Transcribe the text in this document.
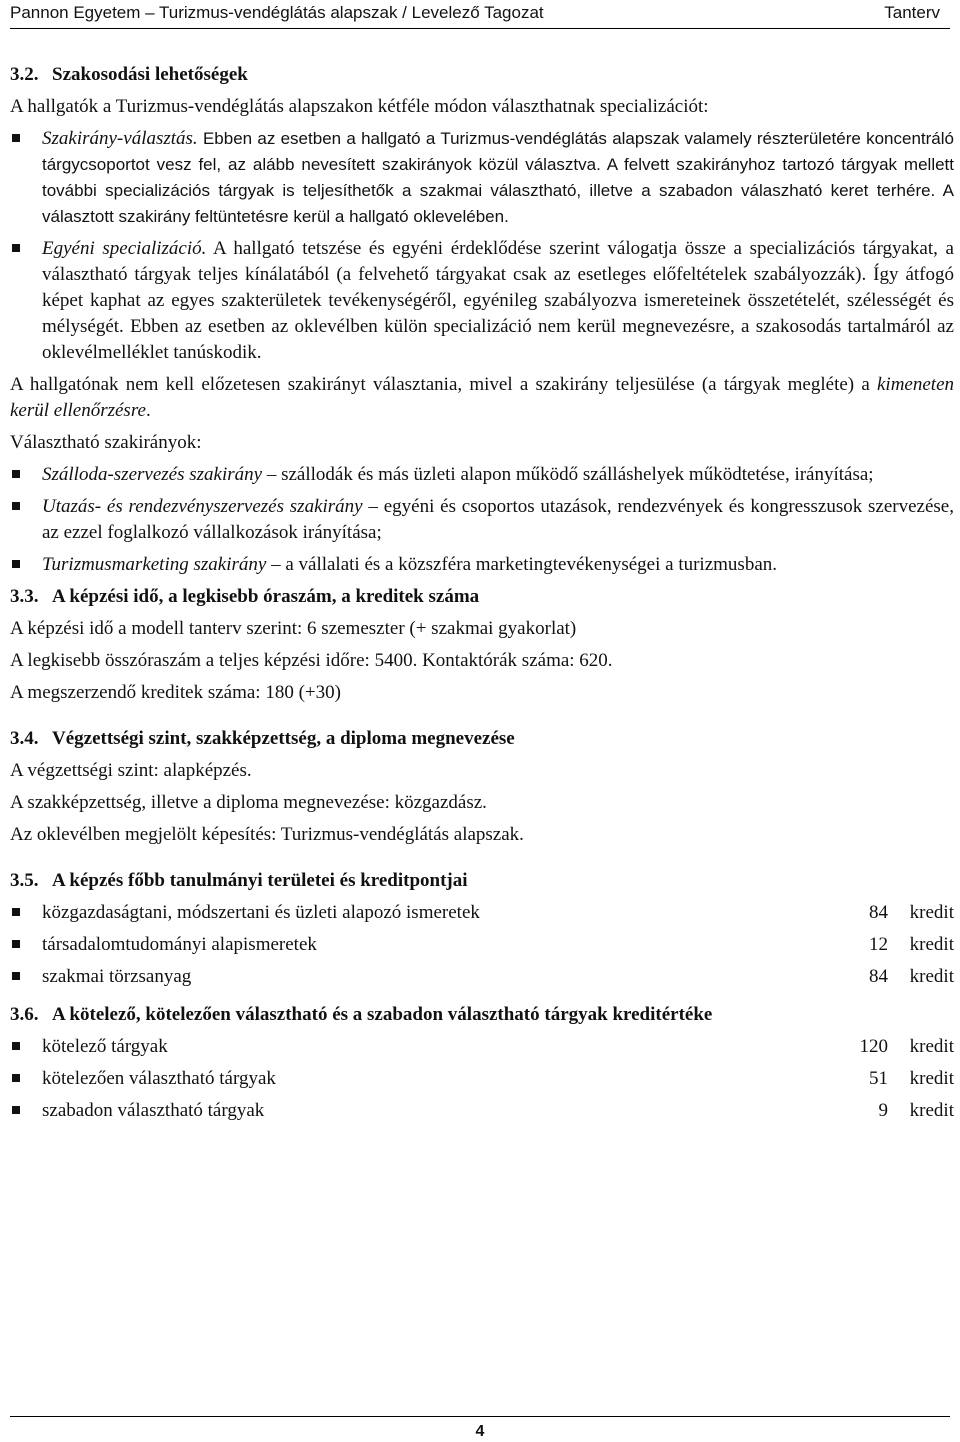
Pannon Egyetem – Turizmus-vendéglátás alapszak / Levelező Tagozat	Tanterv
3.2. Szakosodási lehetőségek

A hallgatók a Turizmus-vendéglátás alapszakon kétféle módon választhatnak specializációt:

Szakirány-választás. Ebben az esetben a hallgató a Turizmus-vendéglátás alapszak valamely részterületére koncentráló tárgycsoportot vesz fel, az alább nevesített szakirányok közül választva. A felvett szakirányhoz tartozó tárgyak mellett további specializációs tárgyak is teljesíthetők a szakmai választható, illetve a szabadon válaszható keret terhére. A választott szakirány feltüntetésre kerül a hallgató oklevelében.
Egyéni specializáció. A hallgató tetszése és egyéni érdeklődése szerint válogatja össze a specializációs tárgyakat, a választható tárgyak teljes kínálatából (a felvehető tárgyakat csak az esetleges előfeltételek szabályozzák). Így átfogó képet kaphat az egyes szakterületek tevékenységéről, egyénileg szabályozva ismereteinek összetételét, szélességét és mélységét. Ebben az esetben az oklevélben külön specializáció nem kerül megnevezésre, a szakosodás tartalmáról az oklevélmelléklet tanúskodik.

A hallgatónak nem kell előzetesen szakirányt választania, mivel a szakirány teljesülése (a tárgyak megléte) a kimeneten kerül ellenőrzésre.

Választható szakirányok:

Szálloda-szervezés szakirány – szállodák és más üzleti alapon működő szálláshelyek működtetése, irányítása;
Utazás- és rendezvényszervezés szakirány – egyéni és csoportos utazások, rendezvények és kongresszusok szervezése, az ezzel foglalkozó vállalkozások irányítása;
Turizmusmarketing szakirány – a vállalati és a közszféra marketingtevékenységei a turizmusban.
3.3. A képzési idő, a legkisebb óraszám, a kreditek száma

A képzési idő a modell tanterv szerint: 6 szemeszter (+ szakmai gyakorlat)

A legkisebb összóraszám a teljes képzési időre: 5400. Kontaktórák száma: 620.

A megszerzendő kreditek száma: 180 (+30)

3.4. Végzettségi szint, szakképzettség, a diploma megnevezése

A végzettségi szint: alapképzés.

A szakképzettség, illetve a diploma megnevezése: közgazdász.

Az oklevélben megjelölt képesítés: Turizmus-vendéglátás alapszak.

3.5. A képzés főbb tanulmányi területei és kreditpontjai
közgazdaságtani, módszertani és üzleti alapozó ismeretek	84	kredit
társadalomtudományi alapismeretek	12	kredit
szakmai törzsanyag	84	kredit
3.6. A kötelező, kötelezően választható és a szabadon választható tárgyak kreditértéke
kötelező tárgyak	120	kredit
kötelezően választható tárgyak	51	kredit
szabadon választható tárgyak	9	kredit
4
